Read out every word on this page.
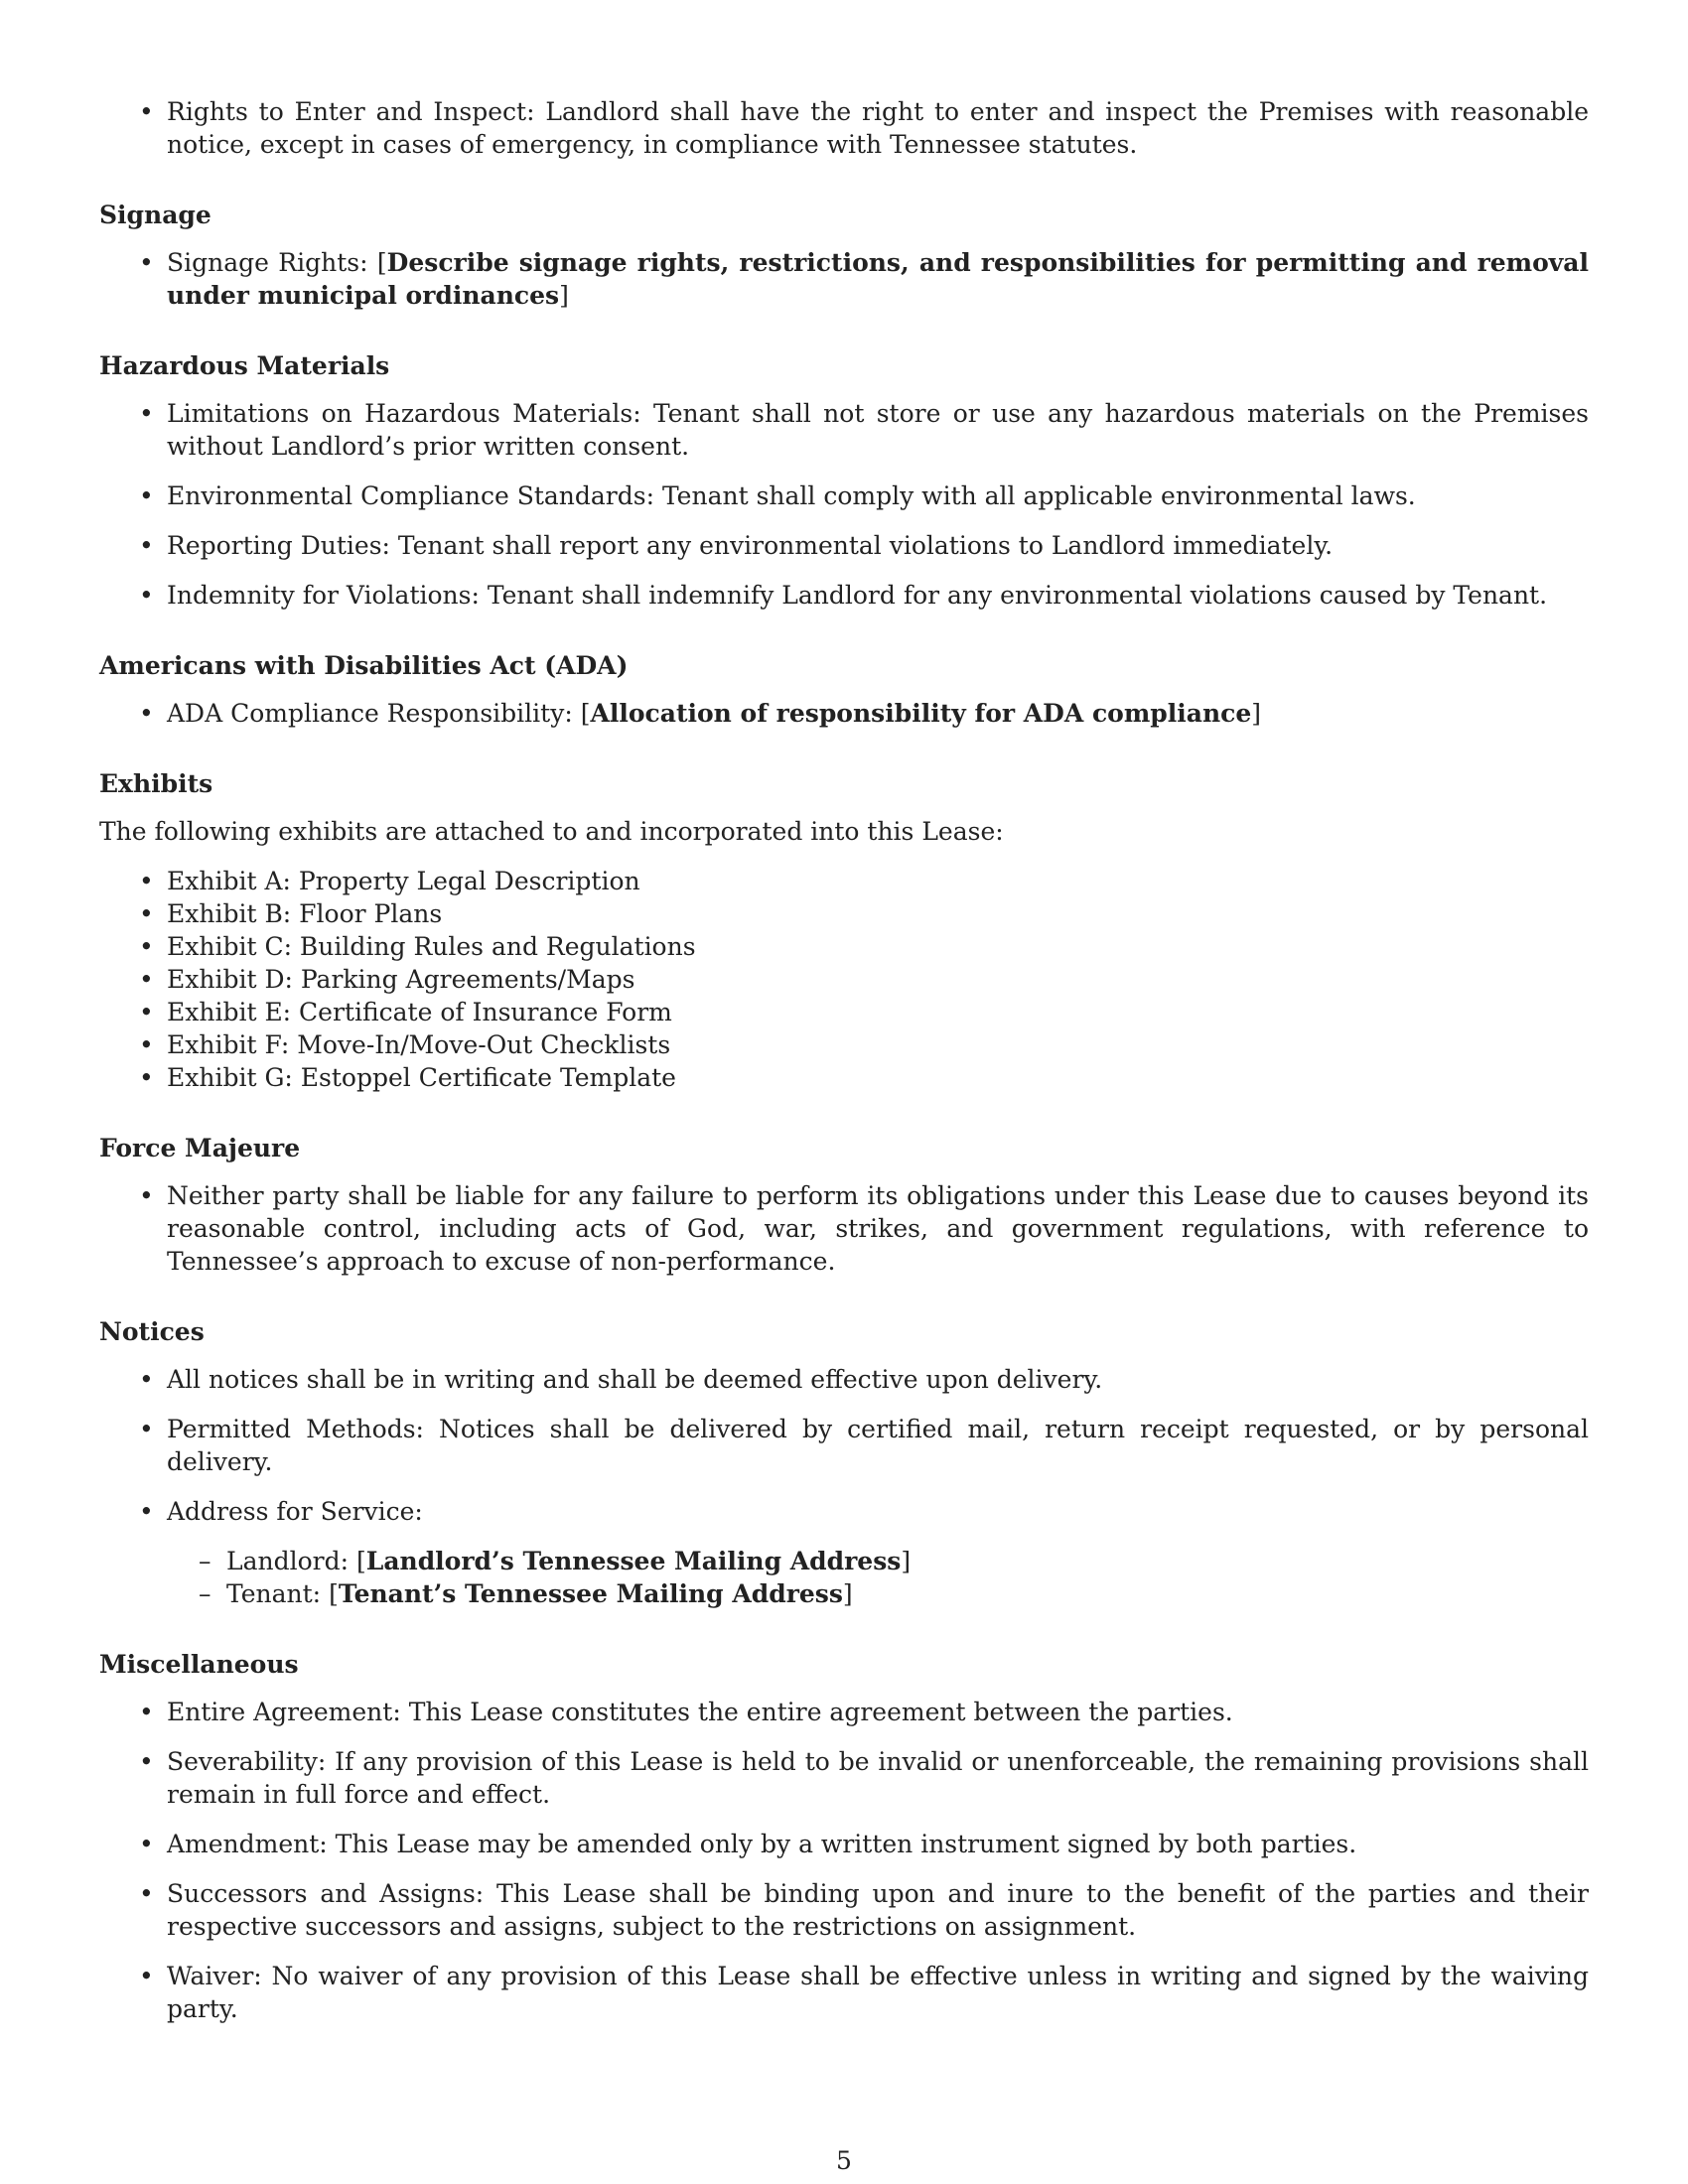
• Rights to Enter and Inspect: Landlord shall have the right to enter and inspect the Premises with reasonable notice, except in cases of emergency, in compliance with Tennessee statutes.
Signage
• Signage Rights: [Describe signage rights, restrictions, and responsibilities for permitting and removal under municipal ordinances]
Hazardous Materials
• Limitations on Hazardous Materials: Tenant shall not store or use any hazardous materials on the Premises without Landlord’s prior written consent.
• Environmental Compliance Standards: Tenant shall comply with all applicable environmental laws.
• Reporting Duties: Tenant shall report any environmental violations to Landlord immediately.
• Indemnity for Violations: Tenant shall indemnify Landlord for any environmental violations caused by Tenant.
Americans with Disabilities Act (ADA)
• ADA Compliance Responsibility: [Allocation of responsibility for ADA compliance]
Exhibits

The following exhibits are attached to and incorporated into this Lease:

• Exhibit A: Property Legal Description
• Exhibit B: Floor Plans
• Exhibit C: Building Rules and Regulations
• Exhibit D: Parking Agreements/Maps
• Exhibit E: Certificate of Insurance Form
• Exhibit F: Move-In/Move-Out Checklists
• Exhibit G: Estoppel Certificate Template
Force Majeure
• Neither party shall be liable for any failure to perform its obligations under this Lease due to causes beyond its reasonable control, including acts of God, war, strikes, and government regulations, with reference to Tennessee’s approach to excuse of non-performance.
Notices
• All notices shall be in writing and shall be deemed effective upon delivery.
• Permitted Methods: Notices shall be delivered by certified mail, return receipt requested, or by personal delivery.
• Address for Service:
– Landlord: [Landlord’s Tennessee Mailing Address]
– Tenant: [Tenant’s Tennessee Mailing Address]
Miscellaneous
• Entire Agreement: This Lease constitutes the entire agreement between the parties.
• Severability: If any provision of this Lease is held to be invalid or unenforceable, the remaining provisions shall remain in full force and effect.
• Amendment: This Lease may be amended only by a written instrument signed by both parties.
• Successors and Assigns: This Lease shall be binding upon and inure to the benefit of the parties and their respective successors and assigns, subject to the restrictions on assignment.
• Waiver: No waiver of any provision of this Lease shall be effective unless in writing and signed by the waiving party.
5
